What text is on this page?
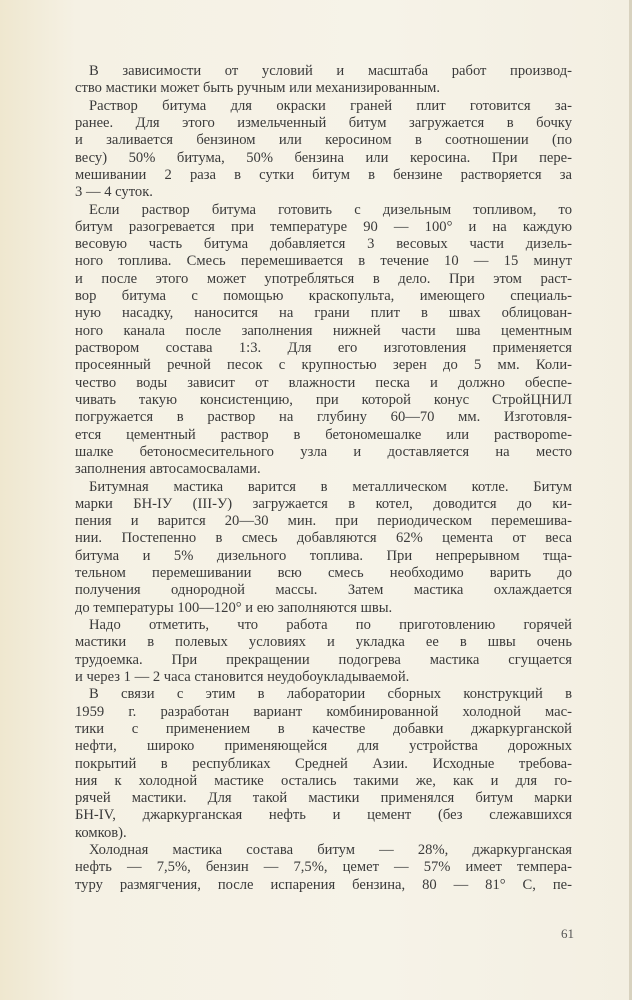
В зависимости от условий и масштаба работ производ-
ство мастики может быть ручным или механизированным.
Раствор битума для окраски граней плит готовится за-
ранее. Для этого измельченный битум загружается в бочку
и заливается бензином или керосином в соотношении (по
весу) 50% битума, 50% бензина или керосина. При пере-
мешивании 2 раза в сутки битум в бензине растворяется за
3 — 4 суток.
Если раствор битума готовить с дизельным топливом, то
битум разогревается при температуре 90 — 100° и на каждую
весовую часть битума добавляется 3 весовых части дизель-
ного топлива. Смесь перемешивается в течение 10 — 15 минут
и после этого может употребляться в дело. При этом раст-
вор битума с помощью краскопульта, имеющего специаль-
ную насадку, наносится на грани плит в швах облицован-
ного канала после заполнения нижней части шва цементным
раствором состава 1:3. Для его изготовления применяется
просеянный речной песок с крупностью зерен до 5 мм. Коли-
чество воды зависит от влажности песка и должно обеспе-
чивать такую консистенцию, при которой конус СтройЦНИЛ
погружается в раствор на глубину 60—70 мм. Изготовля-
ется цементный раствор в бетономешалке или растворome-
шалке бетоносмесительного узла и доставляется на место
заполнения автосамосвалами.
Битумная мастика варится в металлическом котле. Битум
марки БН-IУ (III-У) загружается в котел, доводится до ки-
пения и варится 20—30 мин. при периодическом перемешива-
нии. Постепенно в смесь добавляются 62% цемента от веса
битума и 5% дизельного топлива. При непрерывном тща-
тельном перемешивании всю смесь необходимо варить до
получения однородной массы. Затем мастика охлаждается
до температуры 100—120° и ею заполняются швы.
Надо отметить, что работа по приготовлению горячей
мастики в полевых условиях и укладка ее в швы очень
трудоемка. При прекращении подогрева мастика сгущается
и через 1 — 2 часа становится неудобоукладываемой.
В связи с этим в лаборатории сборных конструкций в
1959 г. разработан вариант комбинированной холодной мас-
тики с применением в качестве добавки джаркурганской
нефти, широко применяющейся для устройства дорожных
покрытий в республиках Средней Азии. Исходные требова-
ния к холодной мастике остались такими же, как и для го-
рячей мастики. Для такой мастики применялся битум марки
БН-IV, джаркурганская нефть и цемент (без слежавшихся
комков).
Холодная мастика состава битум — 28%, джаркурганская
нефть — 7,5%, бензин — 7,5%, цемет — 57% имеет темпера-
туру размягчения, после испарения бензина, 80 — 81° С, пе-
61
